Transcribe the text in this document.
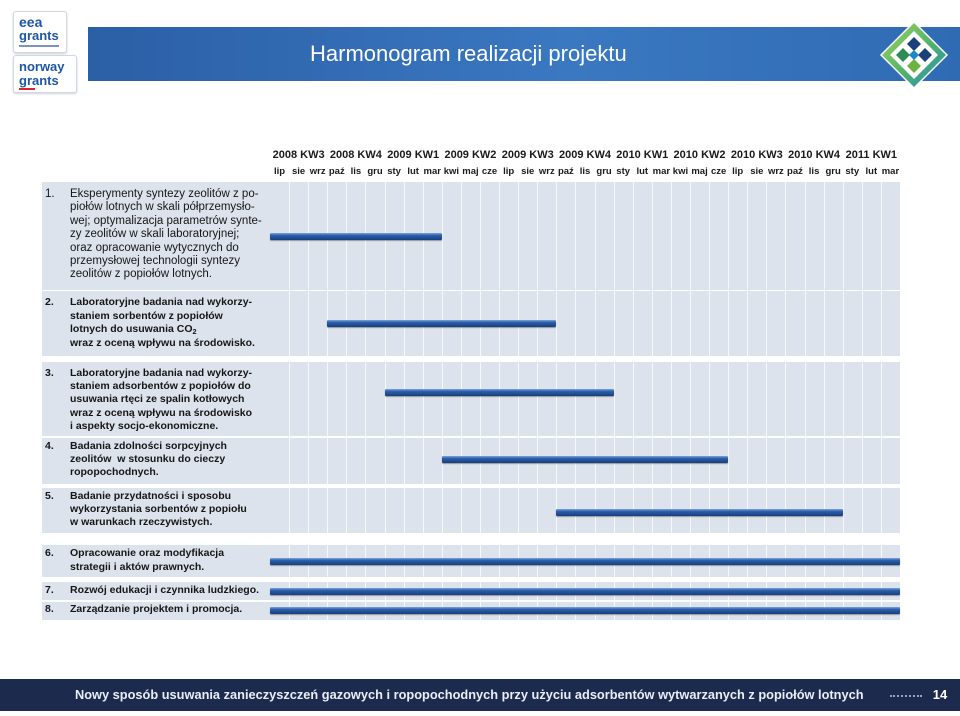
eea
grants
norway
grants
Harmonogram realizacji projektu
2008 KW3 2008 KW4 2009 KW1 2009 KW2 2009 KW3 2009 KW4 2010 KW1 2010 KW2 2010 KW3 2010 KW4 2011 KW1
lip sie wrz paź lis gru sty lut mar kwi maj cze lip sie wrz paź lis gru sty lut mar kwi maj cze lip sie wrz paź lis gru sty lut mar
1. Eksperymenty syntezy zeolitów z po-
piołów lotnych w skali półprzemysło-
wej; optymalizacja parametrów synte-
zy zeolitów w skali laboratoryjnej;
oraz opracowanie wytycznych do
przemysłowej technologii syntezy
zeolitów z popiołów lotnych.
2. Laboratoryjne badania nad wykorzy-
staniem sorbentów z popiołów
lotnych do usuwania $CO_2$
wraz z oceną wpływu na środowisko.
3. Laboratoryjne badania nad wykorzy-
staniem adsorbentów z popiołów do
usuwania rtęci ze spalin kotłowych
wraz z oceną wpływu na środowisko
i aspekty socjo-ekonomiczne.
4. Badania zdolności sorpcyjnych
zeolitów  w stosunku do cieczy
ropopochodnych.
5. Badanie przydatności i sposobu
wykorzystania sorbentów z popiołu
w warunkach rzeczywistych.
6. Opracowanie oraz modyfikacja
strategii i aktów prawnych.
7. Rozwój edukacji i czynnika ludzkiego.
8. Zarządzanie projektem i promocja.
Nowy sposób usuwania zanieczyszczeń gazowych i ropopochodnych przy użyciu adsorbentów wytwarzanych z popiołów lotnych	14
